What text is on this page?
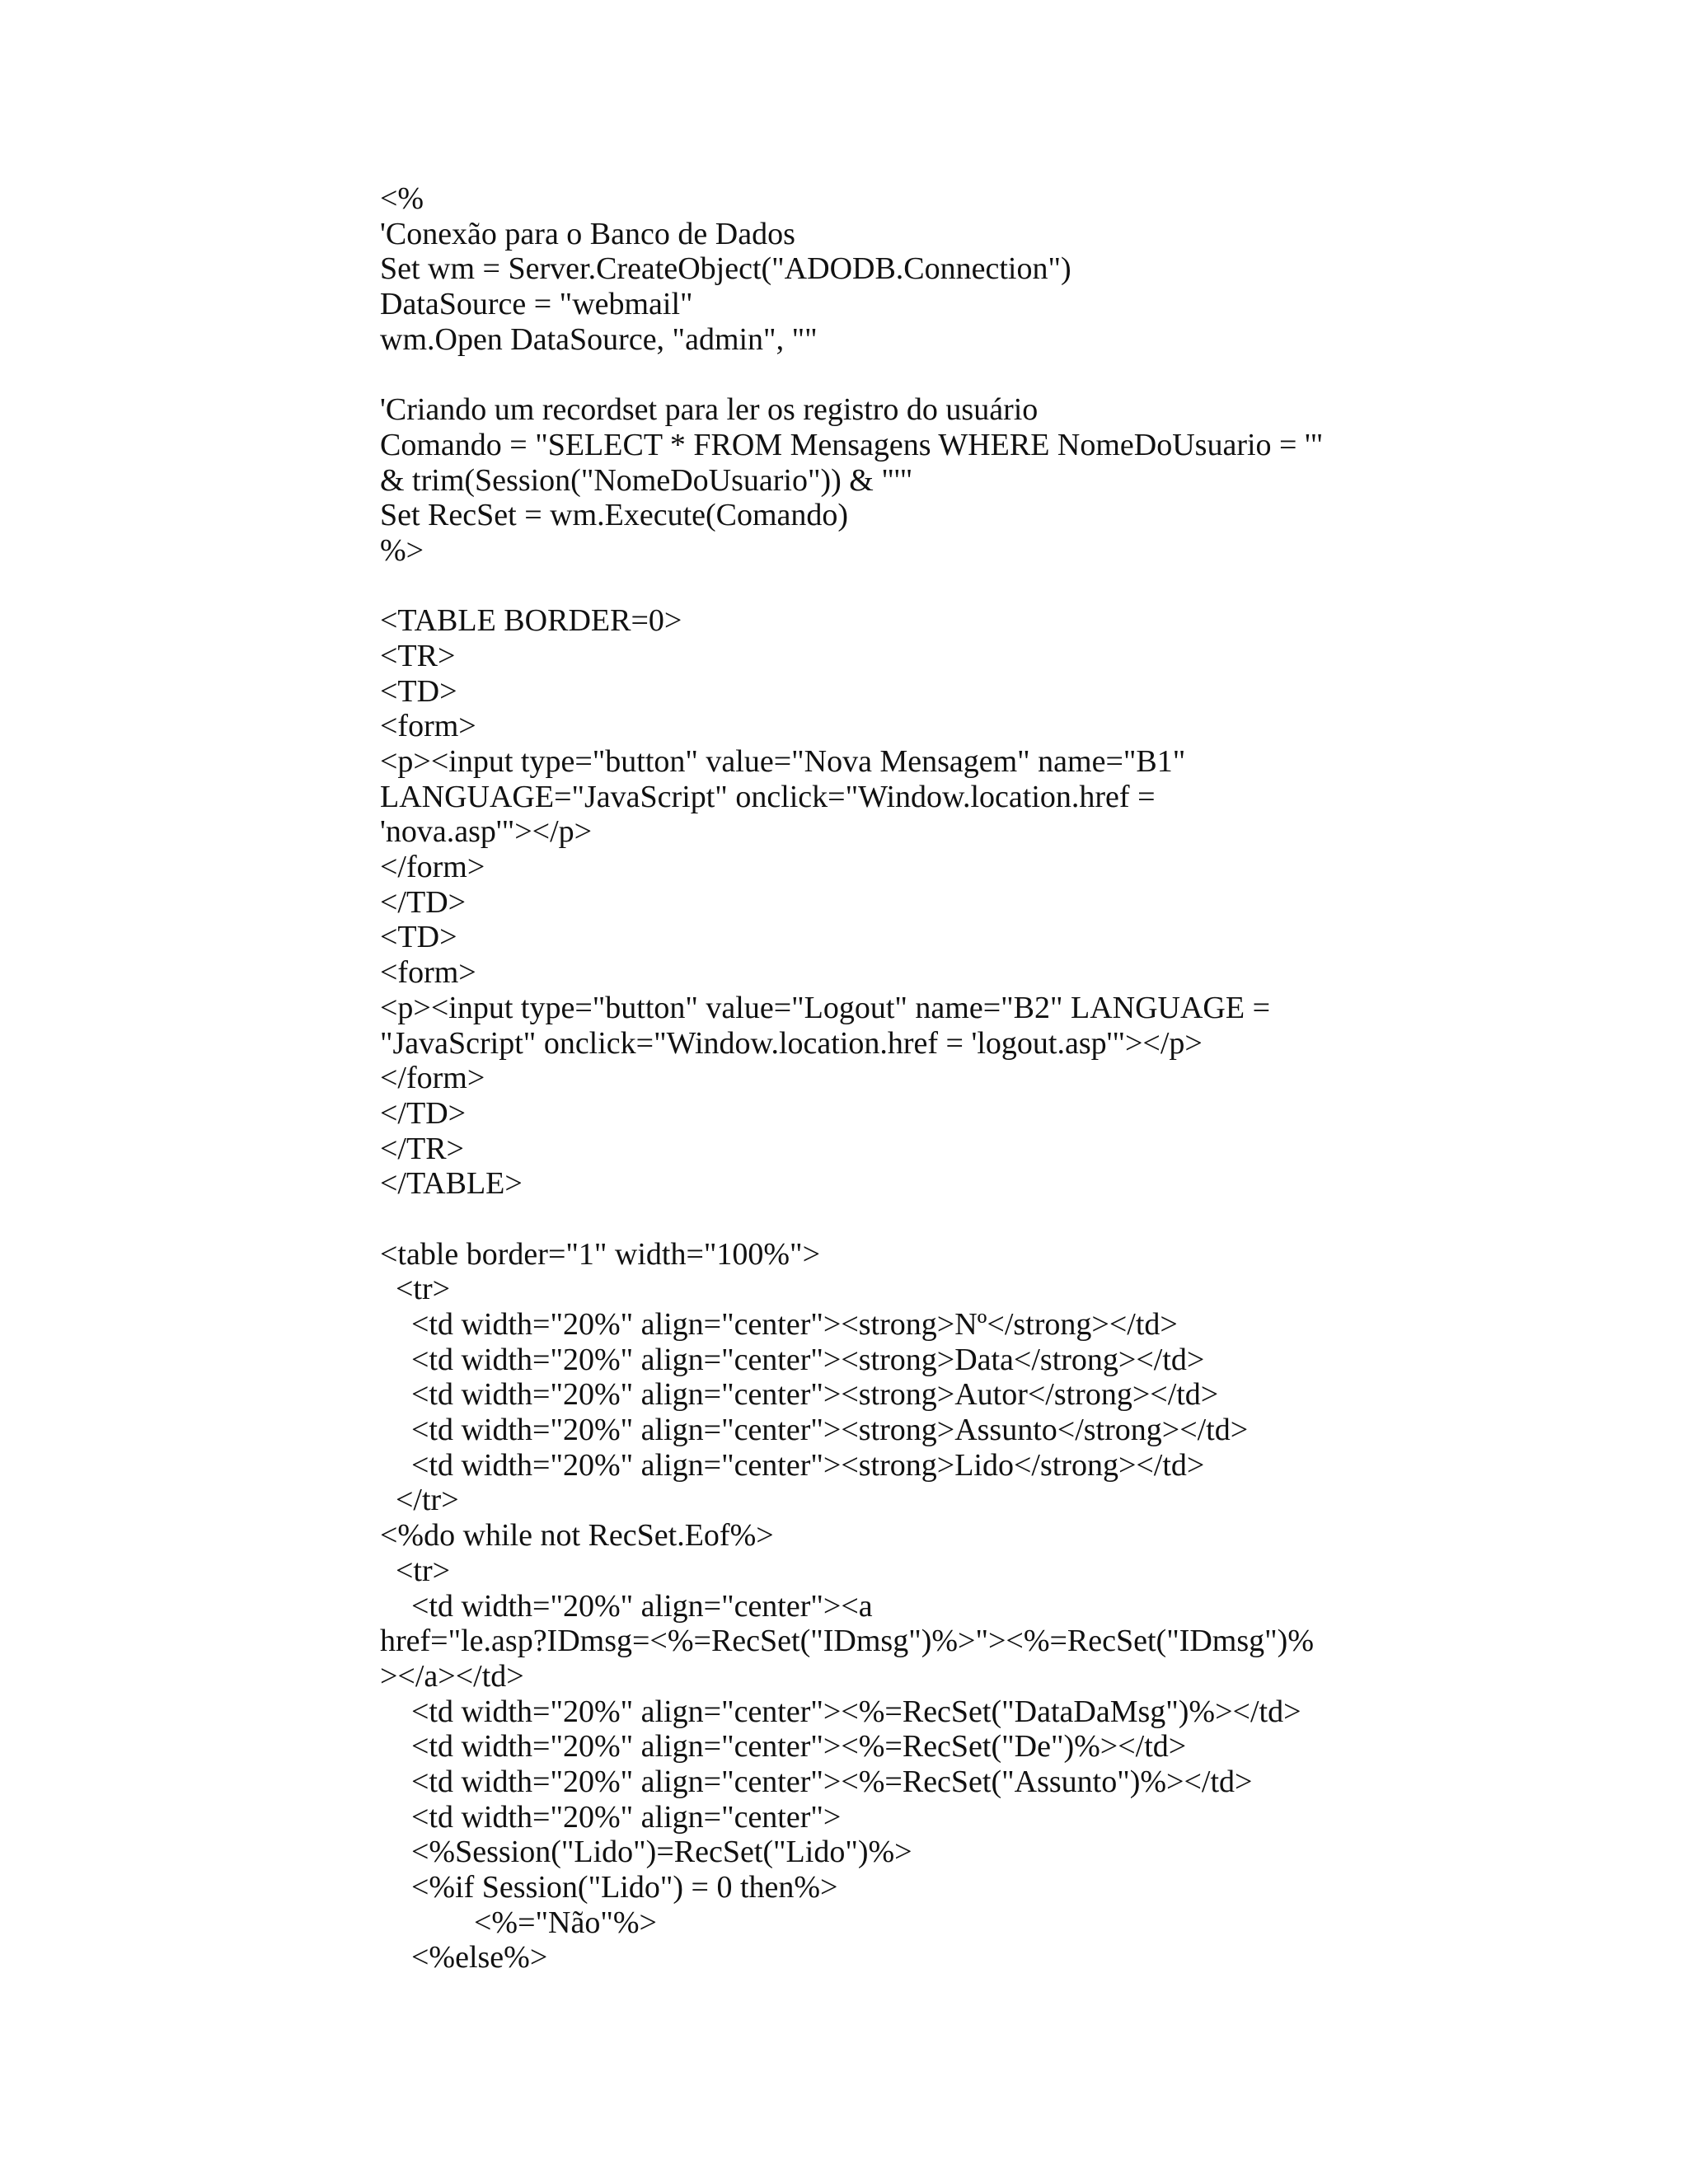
<%
'Conexão para o Banco de Dados
Set wm = Server.CreateObject("ADODB.Connection")
DataSource = "webmail"
wm.Open DataSource, "admin", ""
'Criando um recordset para ler os registro do usuário
Comando = "SELECT * FROM Mensagens WHERE NomeDoUsuario = '"
& trim(Session("NomeDoUsuario")) & "'"
Set RecSet = wm.Execute(Comando)
%>
<TABLE BORDER=0>
<TR>
<TD>
<form>
<p><input type="button" value="Nova Mensagem" name="B1"
LANGUAGE="JavaScript" onclick="Window.location.href =
'nova.asp'"></p>
</form>
</TD>
<TD>
<form>
<p><input type="button" value="Logout" name="B2" LANGUAGE =
"JavaScript" onclick="Window.location.href = 'logout.asp'"></p>
</form>
</TD>
</TR>
</TABLE>
<table border="1" width="100%">
<tr>
<td width="20%" align="center"><strong>Nº</strong></td>
<td width="20%" align="center"><strong>Data</strong></td>
<td width="20%" align="center"><strong>Autor</strong></td>
<td width="20%" align="center"><strong>Assunto</strong></td>
<td width="20%" align="center"><strong>Lido</strong></td>
</tr>
<%do while not RecSet.Eof%>
<tr>
<td width="20%" align="center"><a
href="le.asp?IDmsg=<%=RecSet("IDmsg")%>"><%=RecSet("IDmsg")%
></a></td>
<td width="20%" align="center"><%=RecSet("DataDaMsg")%></td>
<td width="20%" align="center"><%=RecSet("De")%></td>
<td width="20%" align="center"><%=RecSet("Assunto")%></td>
<td width="20%" align="center">
<%Session("Lido")=RecSet("Lido")%>
<%if Session("Lido") = 0 then%>
<%="Não"%>
<%else%>
